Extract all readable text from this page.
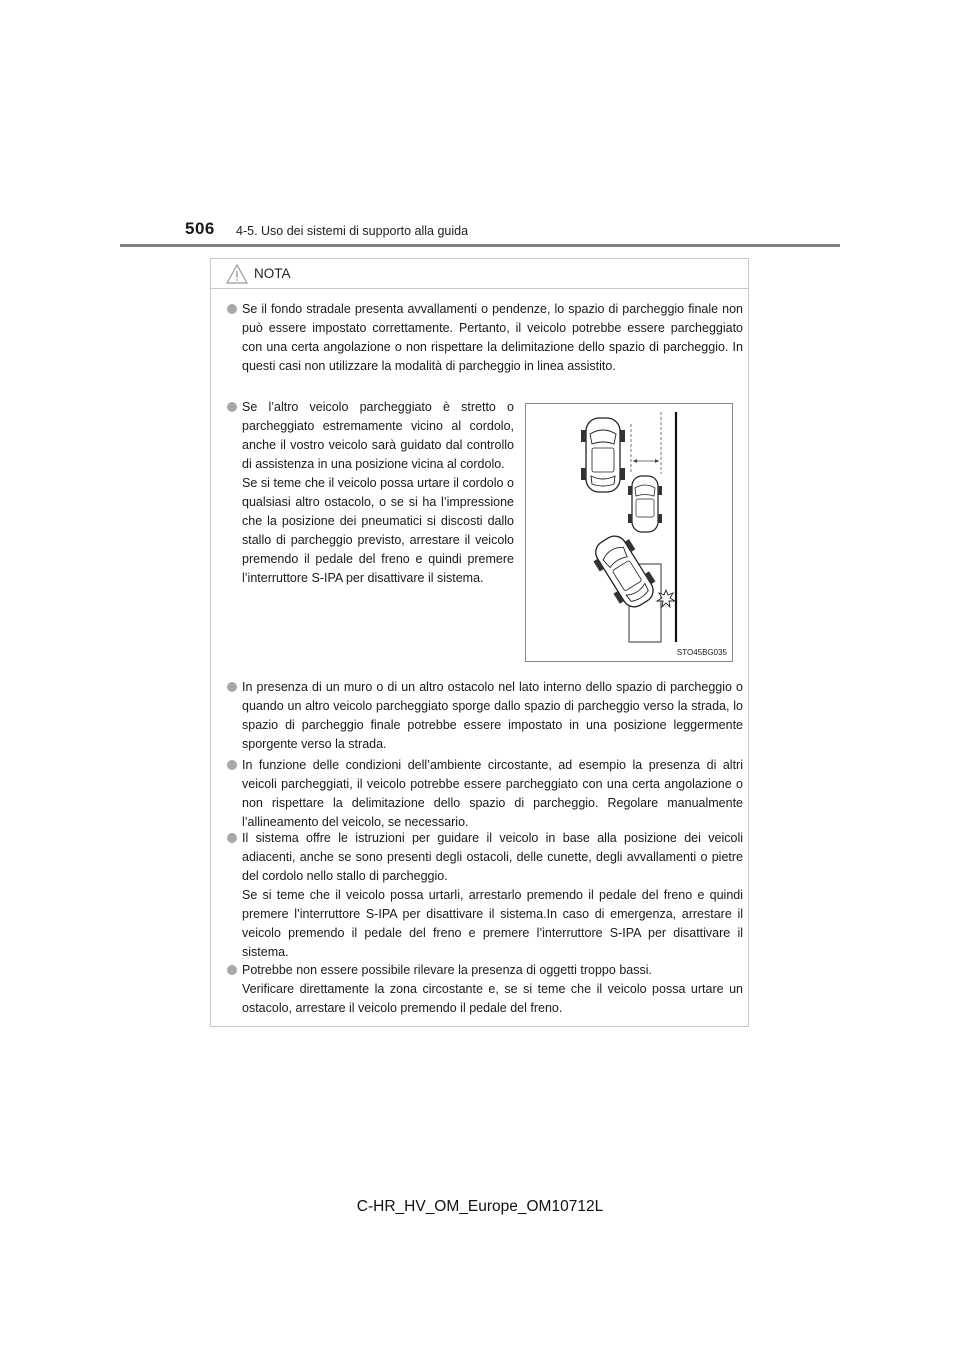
506 4-5. Uso dei sistemi di supporto alla guida
NOTA
Se il fondo stradale presenta avvallamenti o pendenze, lo spazio di parcheggio finale non può essere impostato correttamente. Pertanto, il veicolo potrebbe essere parcheggiato con una certa angolazione o non rispettare la delimitazione dello spazio di parcheggio. In questi casi non utilizzare la modalità di parcheggio in linea assistito.
Se l’altro veicolo parcheggiato è stretto o parcheggiato estremamente vicino al cordolo, anche il vostro veicolo sarà guidato dal controllo di assistenza in una posizione vicina al cordolo.
Se si teme che il veicolo possa urtare il cordolo o qualsiasi altro ostacolo, o se si ha l’impressione che la posizione dei pneumatici si discosti dallo stallo di parcheggio previsto, arrestare il veicolo premendo il pedale del freno e quindi premere l’interruttore S-IPA per disattivare il sistema.
In presenza di un muro o di un altro ostacolo nel lato interno dello spazio di parcheggio o quando un altro veicolo parcheggiato sporge dallo spazio di parcheggio verso la strada, lo spazio di parcheggio finale potrebbe essere impostato in una posizione leggermente sporgente verso la strada.
In funzione delle condizioni dell’ambiente circostante, ad esempio la presenza di altri veicoli parcheggiati, il veicolo potrebbe essere parcheggiato con una certa angolazione o non rispettare la delimitazione dello spazio di parcheggio. Regolare manualmente l’allineamento del veicolo, se necessario.
Il sistema offre le istruzioni per guidare il veicolo in base alla posizione dei veicoli adiacenti, anche se sono presenti degli ostacoli, delle cunette, degli avvallamenti o pietre del cordolo nello stallo di parcheggio.
Se si teme che il veicolo possa urtarli, arrestarlo premendo il pedale del freno e quindi premere l’interruttore S-IPA per disattivare il sistema.In caso di emergenza, arrestare il veicolo premendo il pedale del freno e premere l’interruttore S-IPA per disattivare il sistema.
Potrebbe non essere possibile rilevare la presenza di oggetti troppo bassi.
Verificare direttamente la zona circostante e, se si teme che il veicolo possa urtare un ostacolo, arrestare il veicolo premendo il pedale del freno.
STO45BG035
C-HR_HV_OM_Europe_OM10712L
